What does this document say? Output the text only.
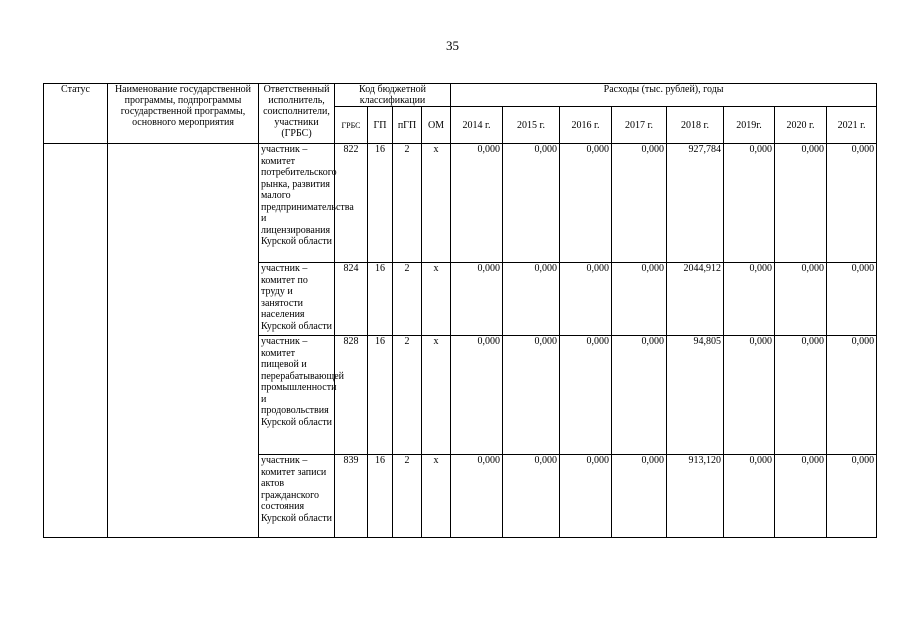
35
Статус	Наименование государственной программы, подпрограммы государственной программы, основного мероприятия	Ответственный исполнитель, соисполнители, участники (ГРБС)	Код бюджетной классификации				Расходы (тыс. рублей), годы							
			ГРБС	ГП	пГП	ОМ	2014 г.	2015 г.	2016 г.	2017 г.	2018 г.	2019г.	2020 г.	2021 г.
		участник – комитет потребительского рынка, развития малого предпринимательства и лицензирования Курской области	822	16	2	х	0,000	0,000	0,000	0,000	927,784	0,000	0,000	0,000
		участник – комитет по труду и занятости населения Курской области	824	16	2	х	0,000	0,000	0,000	0,000	2044,912	0,000	0,000	0,000
		участник – комитет пищевой и перерабатывающей промышленности и продовольствия Курской области	828	16	2	х	0,000	0,000	0,000	0,000	94,805	0,000	0,000	0,000
		участник – комитет записи актов гражданского состояния Курской области	839	16	2	х	0,000	0,000	0,000	0,000	913,120	0,000	0,000	0,000
